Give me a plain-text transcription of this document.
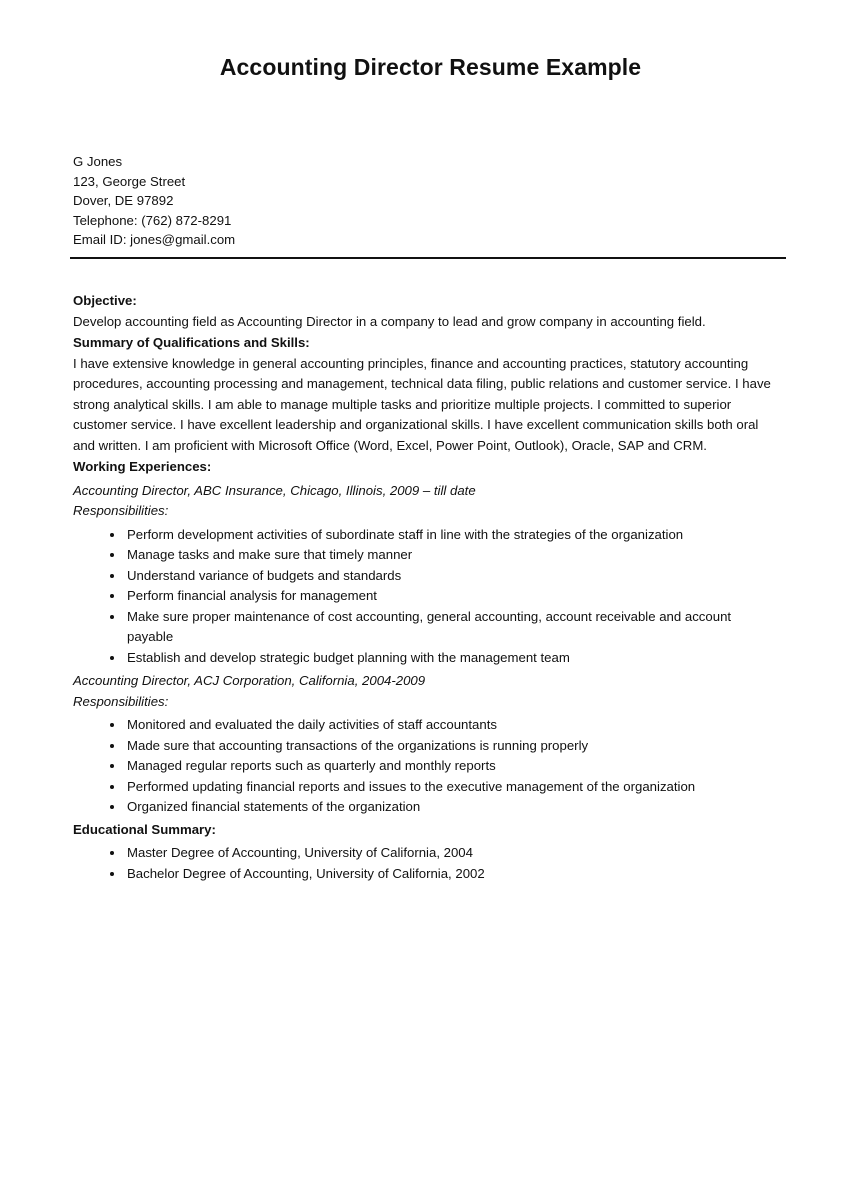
Accounting Director Resume Example
G Jones
123, George Street
Dover, DE 97892
Telephone: (762) 872-8291
Email ID: jones@gmail.com
Objective:

Develop accounting field as Accounting Director in a company to lead and grow company in accounting field.

Summary of Qualifications and Skills:

I have extensive knowledge in general accounting principles, finance and accounting practices, statutory accounting procedures, accounting processing and management, technical data filing, public relations and customer service. I have strong analytical skills. I am able to manage multiple tasks and prioritize multiple projects. I committed to superior customer service. I have excellent leadership and organizational skills. I have excellent communication skills both oral and written. I am proficient with Microsoft Office (Word, Excel, Power Point, Outlook), Oracle, SAP and CRM.

Working Experiences:
Accounting Director, ABC Insurance, Chicago, Illinois, 2009 – till date
Responsibilities:
• Perform development activities of subordinate staff in line with the strategies of the organization
• Manage tasks and make sure that timely manner
• Understand variance of budgets and standards
• Perform financial analysis for management
• Make sure proper maintenance of cost accounting, general accounting, account receivable and account payable
• Establish and develop strategic budget planning with the management team
Accounting Director, ACJ Corporation, California, 2004-2009
Responsibilities:
• Monitored and evaluated the daily activities of staff accountants
• Made sure that accounting transactions of the organizations is running properly
• Managed regular reports such as quarterly and monthly reports
• Performed updating financial reports and issues to the executive management of the organization
• Organized financial statements of the organization
Educational Summary:
• Master Degree of Accounting, University of California, 2004
• Bachelor Degree of Accounting, University of California, 2002
